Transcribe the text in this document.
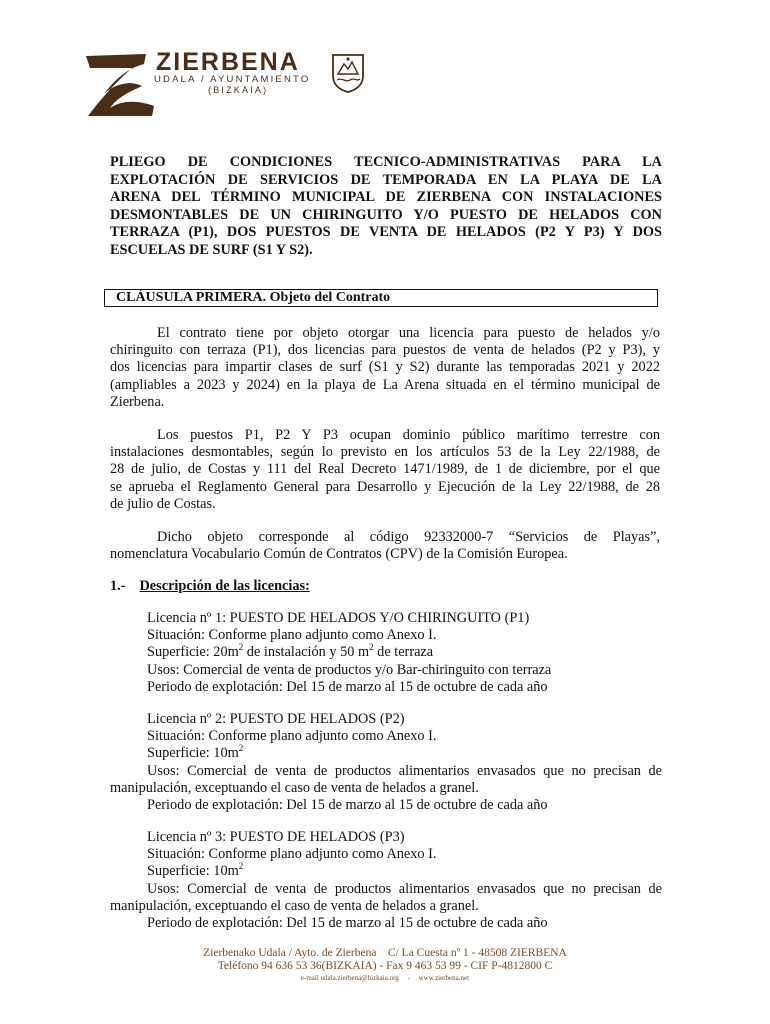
ZIERBENA
UDALA / AYUNTAMIENTO
(BIZKAIA)
PLIEGO DE CONDICIONES TECNICO-ADMINISTRATIVAS PARA LA
EXPLOTACIÓN DE SERVICIOS DE TEMPORADA EN LA PLAYA DE LA
ARENA DEL TÉRMINO MUNICIPAL DE ZIERBENA CON INSTALACIONES
DESMONTABLES DE UN CHIRINGUITO Y/O PUESTO DE HELADOS CON
TERRAZA (P1), DOS PUESTOS DE VENTA DE HELADOS (P2 Y P3) Y DOS
ESCUELAS DE SURF (S1 Y S2).
CLÁUSULA PRIMERA. Objeto del Contrato
El contrato tiene por objeto otorgar una licencia para puesto de helados y/o
chiringuito con terraza (P1), dos licencias para puestos de venta de helados (P2 y P3), y
dos licencias para impartir clases de surf (S1 y S2) durante las temporadas 2021 y 2022
(ampliables a 2023 y 2024) en la playa de La Arena situada en el término municipal de
Zierbena.
Los puestos P1, P2 Y P3 ocupan dominio público marítimo terrestre con
instalaciones desmontables, según lo previsto en los artículos 53 de la Ley 22/1988, de
28 de julio, de Costas y 111 del Real Decreto 1471/1989, de 1 de diciembre, por el que
se aprueba el Reglamento General para Desarrollo y Ejecución de la Ley 22/1988, de 28
de julio de Costas.
Dicho objeto corresponde al código 92332000-7 “Servicios de Playas”,
nomenclatura Vocabulario Común de Contratos (CPV) de la Comisión Europea.
1.- Descripción de las licencias:
Licencia nº 1: PUESTO DE HELADOS Y/O CHIRINGUITO (P1)
Situación: Conforme plano adjunto como Anexo I.
Superficie: $20m^2$ de instalación y 50 $m^2$ de terraza
Usos: Comercial de venta de productos y/o Bar-chiringuito con terraza
Periodo de explotación: Del 15 de marzo al 15 de octubre de cada año
Licencia nº 2: PUESTO DE HELADOS (P2)
Situación: Conforme plano adjunto como Anexo I.
Superficie: $10m^2$
Usos: Comercial de venta de productos alimentarios envasados que no precisan de
manipulación, exceptuando el caso de venta de helados a granel.
Periodo de explotación: Del 15 de marzo al 15 de octubre de cada año
Licencia nº 3: PUESTO DE HELADOS (P3)
Situación: Conforme plano adjunto como Anexo I.
Superficie: $10m^2$
Usos: Comercial de venta de productos alimentarios envasados que no precisan de
manipulación, exceptuando el caso de venta de helados a granel.
Periodo de explotación: Del 15 de marzo al 15 de octubre de cada año
Zierbenako Udala / Ayto. de Zierbena    C/ La Cuesta nº 1 - 48508 ZIERBENA
Teléfono 94 636 53 36(BIZKAIA) - Fax 9 463 53 99 - CIF P-4812800 C
e-mail udala.zierbena@bizkaia.org     -     www.zierbena.net
